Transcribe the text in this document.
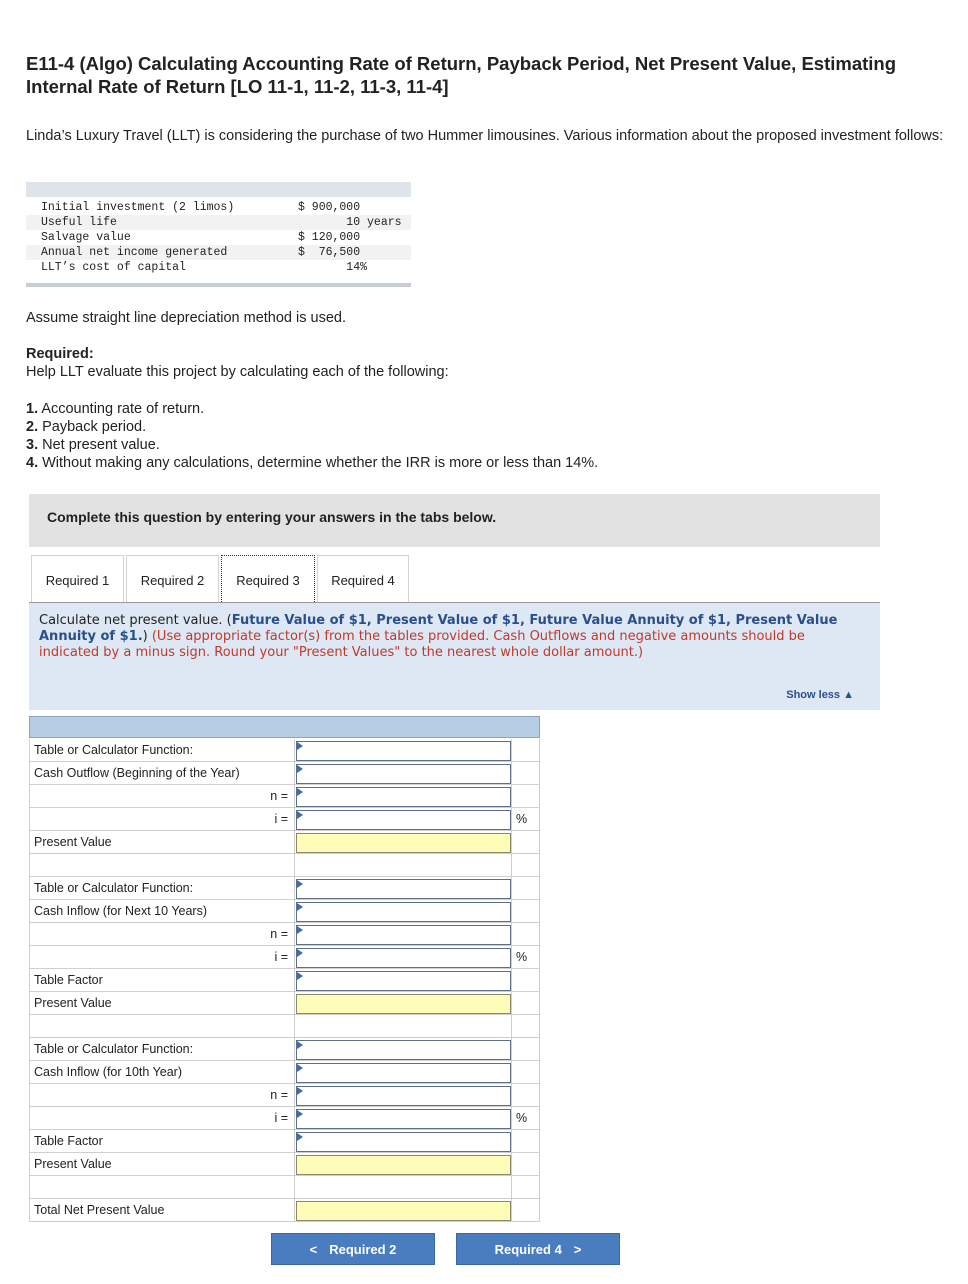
E11-4 (Algo) Calculating Accounting Rate of Return, Payback Period, Net Present Value, Estimating Internal Rate of Return [LO 11-1, 11-2, 11-3, 11-4]
Linda’s Luxury Travel (LLT) is considering the purchase of two Hummer limousines. Various information about the proposed investment follows:
Initial investment (2 limos)	$ 900,000
Useful life	10 years
Salvage value	$ 120,000
Annual net income generated	$  76,500
LLT’s cost of capital	14%
Assume straight line depreciation method is used.
Required:
Help LLT evaluate this project by calculating each of the following:
1. Accounting rate of return.
2. Payback period.
3. Net present value.
4. Without making any calculations, determine whether the IRR is more or less than 14%.
Complete this question by entering your answers in the tabs below.
Required 1	Required 2	Required 3	Required 4

Calculate net present value. (Future Value of $1, Present Value of $1, Future Value Annuity of $1, Present Value Annuity of $1.) (Use appropriate factor(s) from the tables provided. Cash Outflows and negative amounts should be indicated by a minus sign. Round your "Present Values" to the nearest whole dollar amount.)

Show less ▲
Table or Calculator Function:
Cash Outflow (Beginning of the Year)
n =
i =	%
Present Value
Table or Calculator Function:
Cash Inflow (for Next 10 Years)
n =
i =	%
Table Factor
Present Value
Table or Calculator Function:
Cash Inflow (for 10th Year)
n =
i =	%
Table Factor
Present Value
Total Net Present Value
< Required 2	Required 4 >
